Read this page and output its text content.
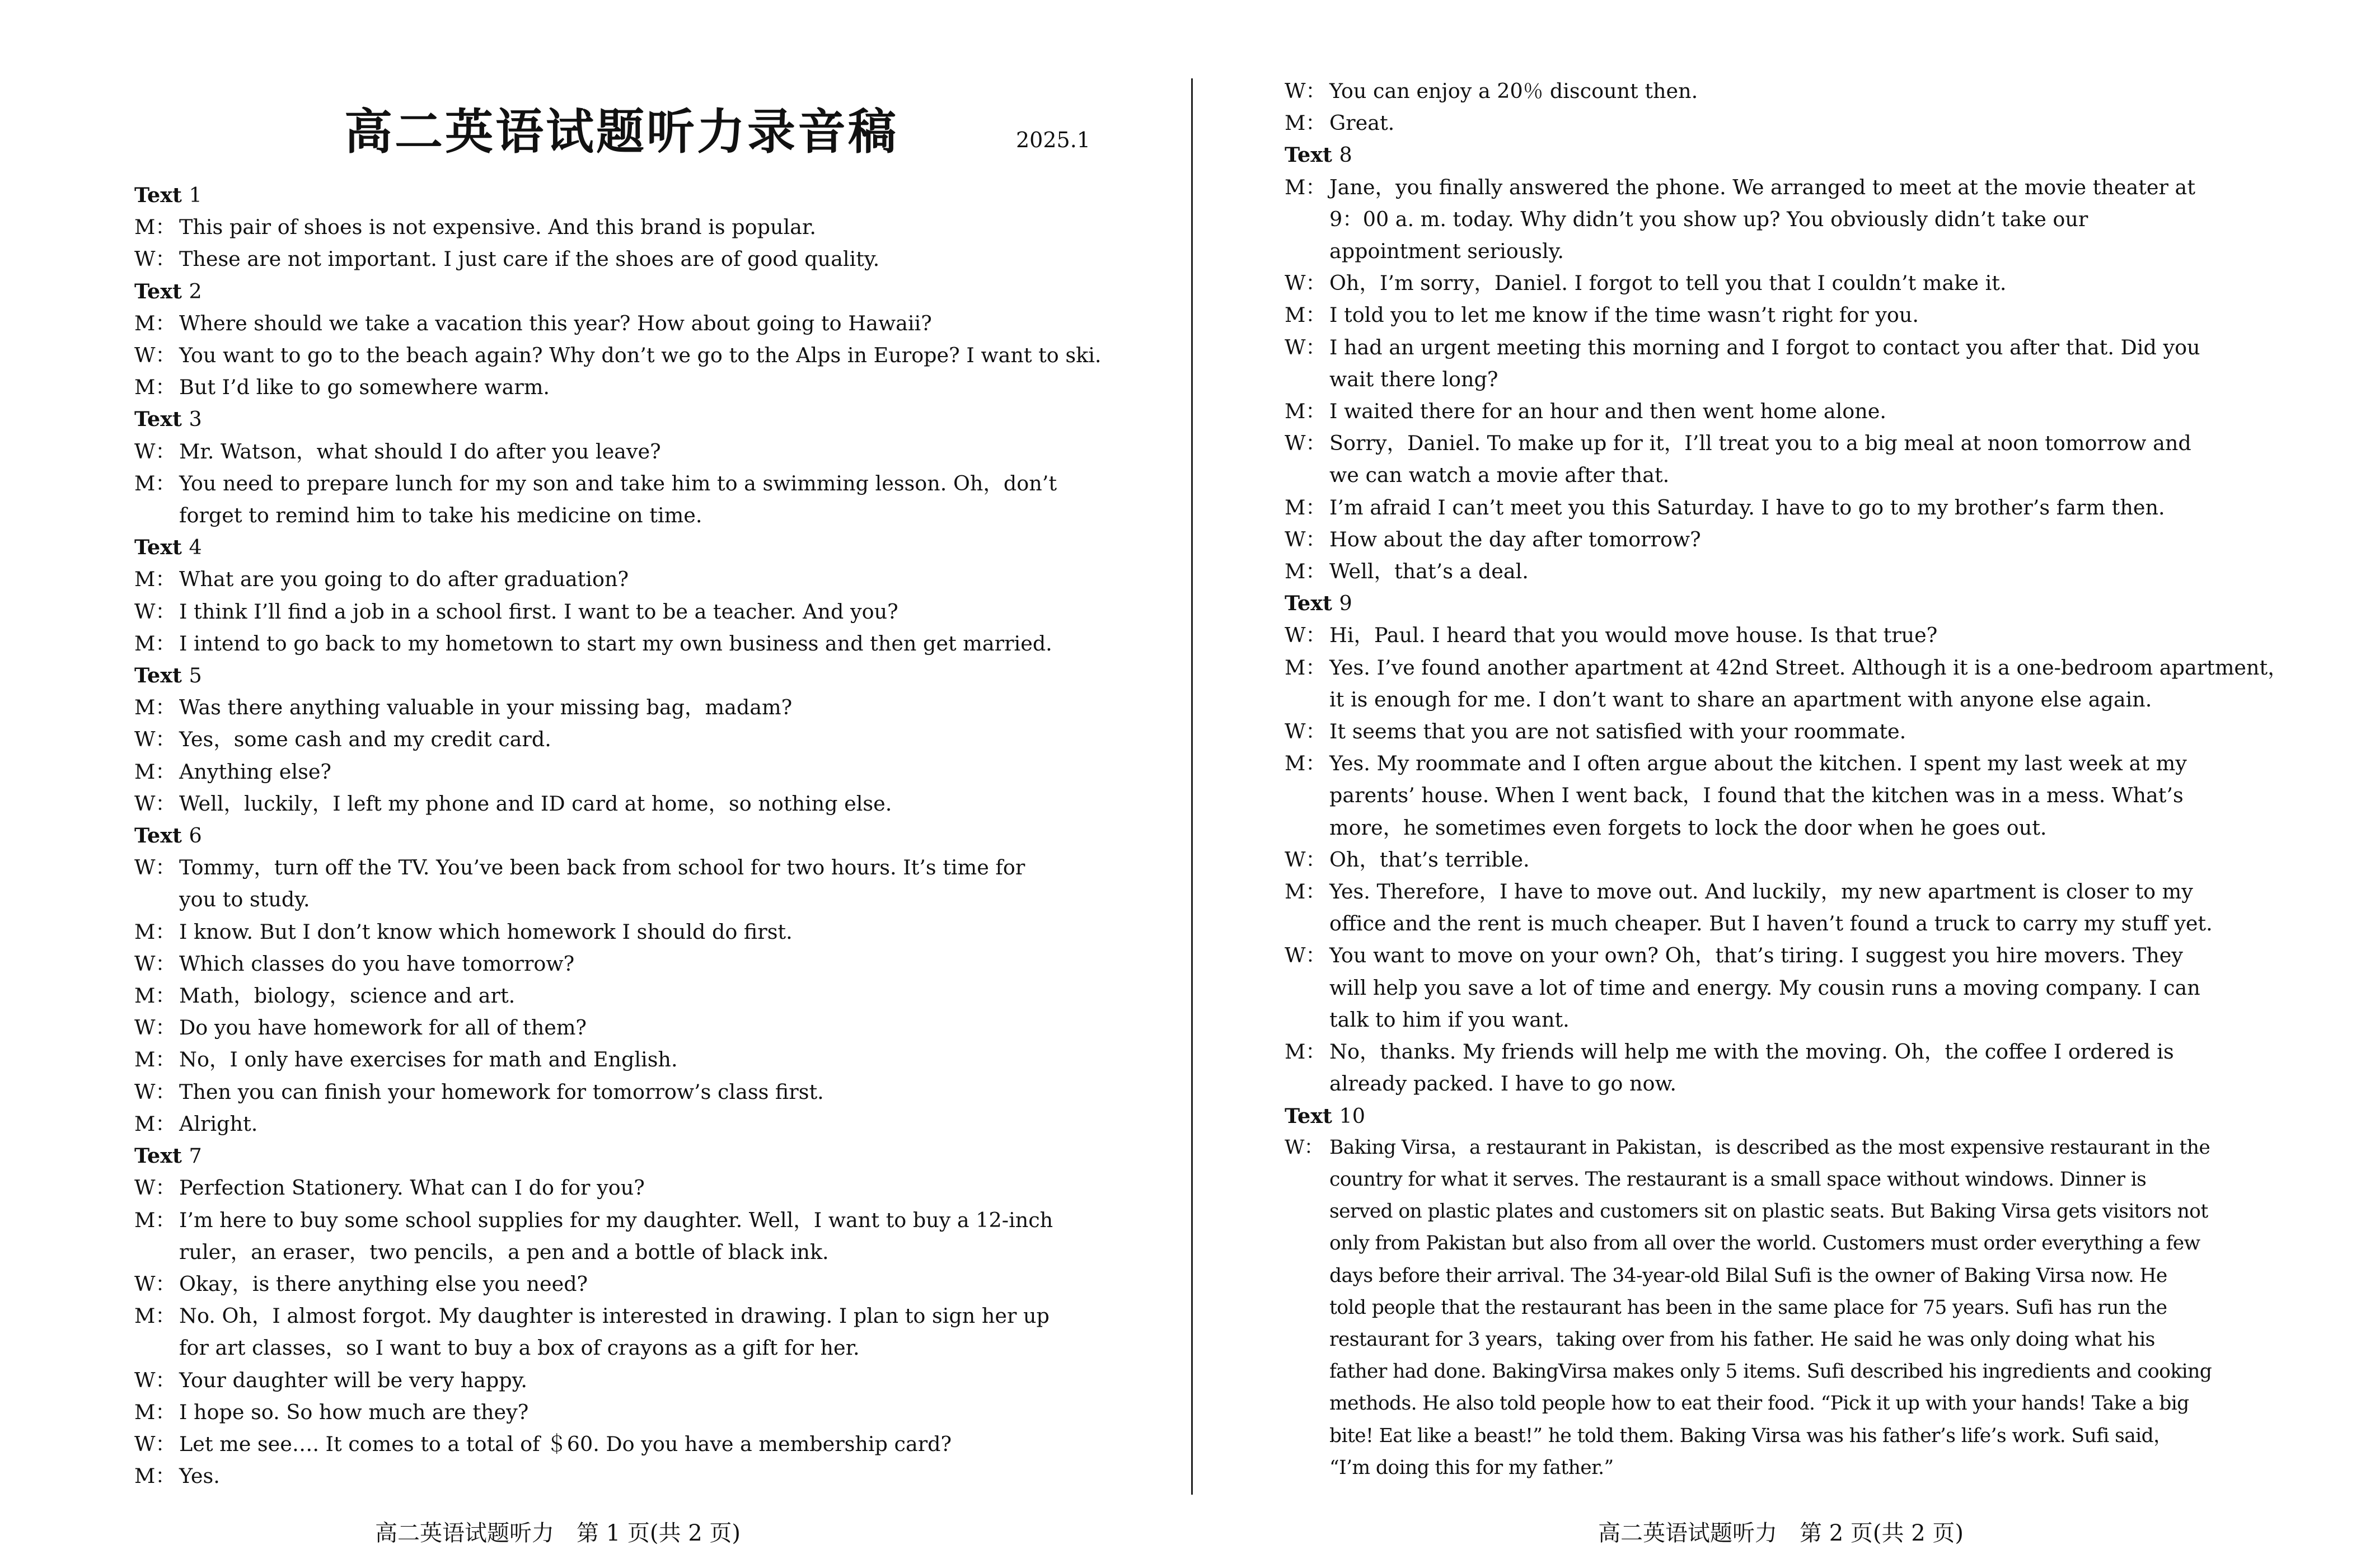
高二英语试题听力录音稿	2025.1
Text 1
M： This pair of shoes is not expensive. And this brand is popular.
W： These are not important. I just care if the shoes are of good quality.
Text 2
M： Where should we take a vacation this year? How about going to Hawaii?
W： You want to go to the beach again? Why don’t we go to the Alps in Europe? I want to ski.
M： But I’d like to go somewhere warm.
Text 3
W： Mr. Watson，what should I do after you leave?
M： You need to prepare lunch for my son and take him to a swimming lesson. Oh，don’t
forget to remind him to take his medicine on time.
Text 4
M： What are you going to do after graduation?
W： I think I’ll find a job in a school first. I want to be a teacher. And you?
M： I intend to go back to my hometown to start my own business and then get married.
Text 5
M： Was there anything valuable in your missing bag，madam?
W： Yes，some cash and my credit card.
M： Anything else?
W： Well，luckily，I left my phone and ID card at home，so nothing else.
Text 6
W： Tommy，turn off the TV. You’ve been back from school for two hours. It’s time for
you to study.
M： I know. But I don’t know which homework I should do first.
W： Which classes do you have tomorrow?
M： Math，biology，science and art.
W： Do you have homework for all of them?
M： No，I only have exercises for math and English.
W： Then you can finish your homework for tomorrow’s class first.
M： Alright.
Text 7
W： Perfection Stationery. What can I do for you?
M： I’m here to buy some school supplies for my daughter. Well，I want to buy a 12-inch
ruler，an eraser，two pencils，a pen and a bottle of black ink.
W： Okay，is there anything else you need?
M： No. Oh，I almost forgot. My daughter is interested in drawing. I plan to sign her up
for art classes，so I want to buy a box of crayons as a gift for her.
W： Your daughter will be very happy.
M： I hope so. So how much are they?
W： Let me see…. It comes to a total of ＄60. Do you have a membership card?
M： Yes.
高二英语试题听力　第 1 页(共 2 页)
W： You can enjoy a 20％ discount then.
M： Great.
Text 8
M： Jane，you finally answered the phone. We arranged to meet at the movie theater at
9：00 a. m. today. Why didn’t you show up? You obviously didn’t take our
appointment seriously.
W： Oh，I’m sorry，Daniel. I forgot to tell you that I couldn’t make it.
M： I told you to let me know if the time wasn’t right for you.
W： I had an urgent meeting this morning and I forgot to contact you after that. Did you
wait there long?
M： I waited there for an hour and then went home alone.
W： Sorry，Daniel. To make up for it，I’ll treat you to a big meal at noon tomorrow and
we can watch a movie after that.
M： I’m afraid I can’t meet you this Saturday. I have to go to my brother’s farm then.
W： How about the day after tomorrow?
M： Well，that’s a deal.
Text 9
W： Hi，Paul. I heard that you would move house. Is that true?
M： Yes. I’ve found another apartment at 42nd Street. Although it is a one-bedroom apartment，
it is enough for me. I don’t want to share an apartment with anyone else again.
W： It seems that you are not satisfied with your roommate.
M： Yes. My roommate and I often argue about the kitchen. I spent my last week at my
parents’ house. When I went back，I found that the kitchen was in a mess. What’s
more，he sometimes even forgets to lock the door when he goes out.
W： Oh，that’s terrible.
M： Yes. Therefore，I have to move out. And luckily，my new apartment is closer to my
office and the rent is much cheaper. But I haven’t found a truck to carry my stuff yet.
W： You want to move on your own? Oh，that’s tiring. I suggest you hire movers. They
will help you save a lot of time and energy. My cousin runs a moving company. I can
talk to him if you want.
M： No，thanks. My friends will help me with the moving. Oh，the coffee I ordered is
already packed. I have to go now.
Text 10
W： Baking Virsa，a restaurant in Pakistan，is described as the most expensive restaurant in the
country for what it serves. The restaurant is a small space without windows. Dinner is
served on plastic plates and customers sit on plastic seats. But Baking Virsa gets visitors not
only from Pakistan but also from all over the world. Customers must order everything a few
days before their arrival. The 34-year-old Bilal Sufi is the owner of Baking Virsa now. He
told people that the restaurant has been in the same place for 75 years. Sufi has run the
restaurant for 3 years，taking over from his father. He said he was only doing what his
father had done. BakingVirsa makes only 5 items. Sufi described his ingredients and cooking
methods. He also told people how to eat their food. “Pick it up with your hands! Take a big
bite! Eat like a beast!” he told them. Baking Virsa was his father’s life’s work. Sufi said，
“I’m doing this for my father.”
高二英语试题听力　第 2 页(共 2 页)
